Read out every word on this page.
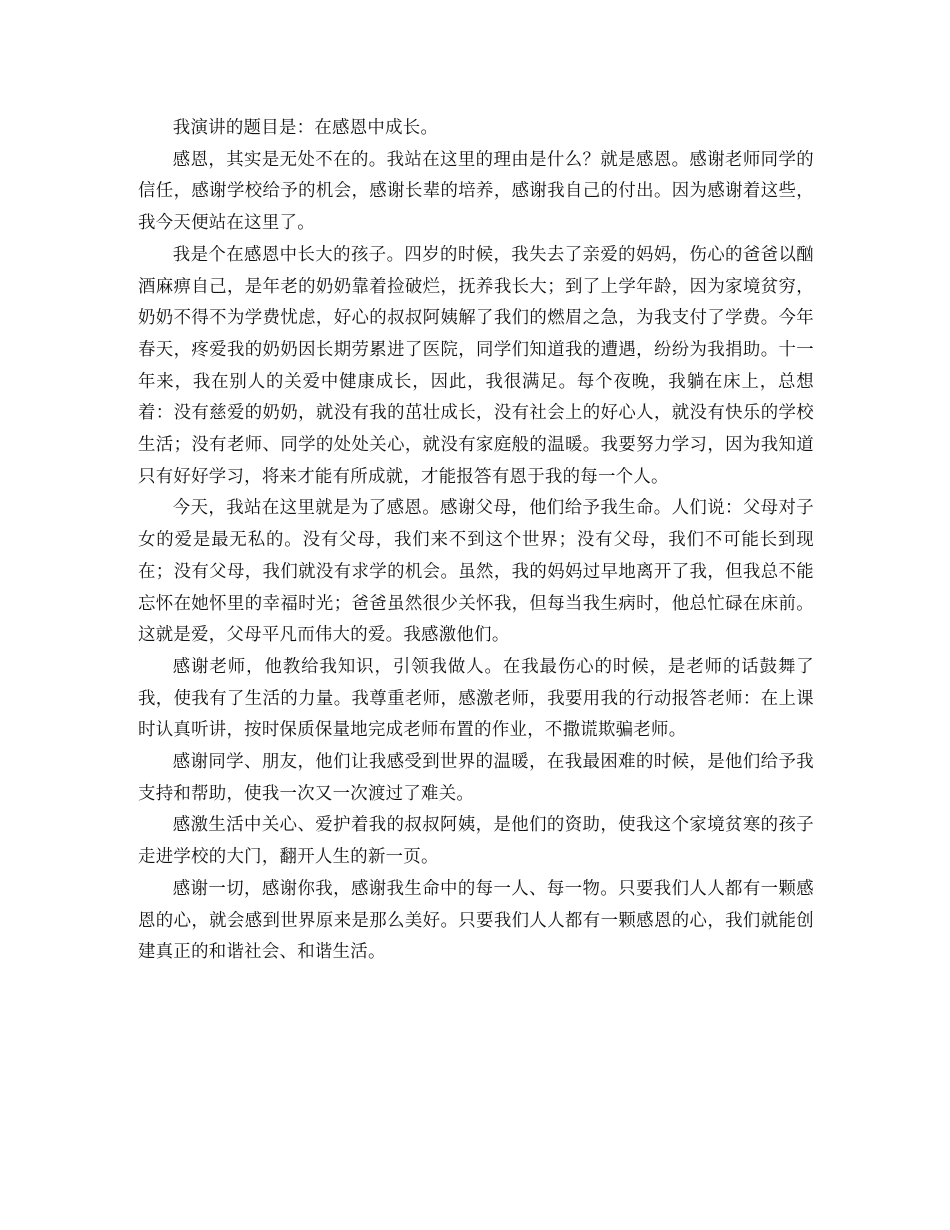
我演讲的题目是：在感恩中成长。

感恩，其实是无处不在的。我站在这里的理由是什么？就是感恩。感谢老师同学的信任，感谢学校给予的机会，感谢长辈的培养，感谢我自己的付出。因为感谢着这些，我今天便站在这里了。

我是个在感恩中长大的孩子。四岁的时候，我失去了亲爱的妈妈，伤心的爸爸以酗酒麻痹自己，是年老的奶奶靠着捡破烂，抚养我长大；到了上学年龄，因为家境贫穷，奶奶不得不为学费忧虑，好心的叔叔阿姨解了我们的燃眉之急，为我支付了学费。今年春天，疼爱我的奶奶因长期劳累进了医院，同学们知道我的遭遇，纷纷为我捐助。十一年来，我在别人的关爱中健康成长，因此，我很满足。每个夜晚，我躺在床上，总想着：没有慈爱的奶奶，就没有我的茁壮成长，没有社会上的好心人，就没有快乐的学校生活；没有老师、同学的处处关心，就没有家庭般的温暖。我要努力学习，因为我知道只有好好学习，将来才能有所成就，才能报答有恩于我的每一个人。

今天，我站在这里就是为了感恩。感谢父母，他们给予我生命。人们说：父母对子女的爱是最无私的。没有父母，我们来不到这个世界；没有父母，我们不可能长到现在；没有父母，我们就没有求学的机会。虽然，我的妈妈过早地离开了我，但我总不能忘怀在她怀里的幸福时光；爸爸虽然很少关怀我，但每当我生病时，他总忙碌在床前。这就是爱，父母平凡而伟大的爱。我感激他们。

感谢老师，他教给我知识，引领我做人。在我最伤心的时候，是老师的话鼓舞了我，使我有了生活的力量。我尊重老师，感激老师，我要用我的行动报答老师：在上课时认真听讲，按时保质保量地完成老师布置的作业，不撒谎欺骗老师。

感谢同学、朋友，他们让我感受到世界的温暖，在我最困难的时候，是他们给予我支持和帮助，使我一次又一次渡过了难关。

感激生活中关心、爱护着我的叔叔阿姨，是他们的资助，使我这个家境贫寒的孩子走进学校的大门，翻开人生的新一页。

感谢一切，感谢你我，感谢我生命中的每一人、每一物。只要我们人人都有一颗感恩的心，就会感到世界原来是那么美好。只要我们人人都有一颗感恩的心，我们就能创建真正的和谐社会、和谐生活。
